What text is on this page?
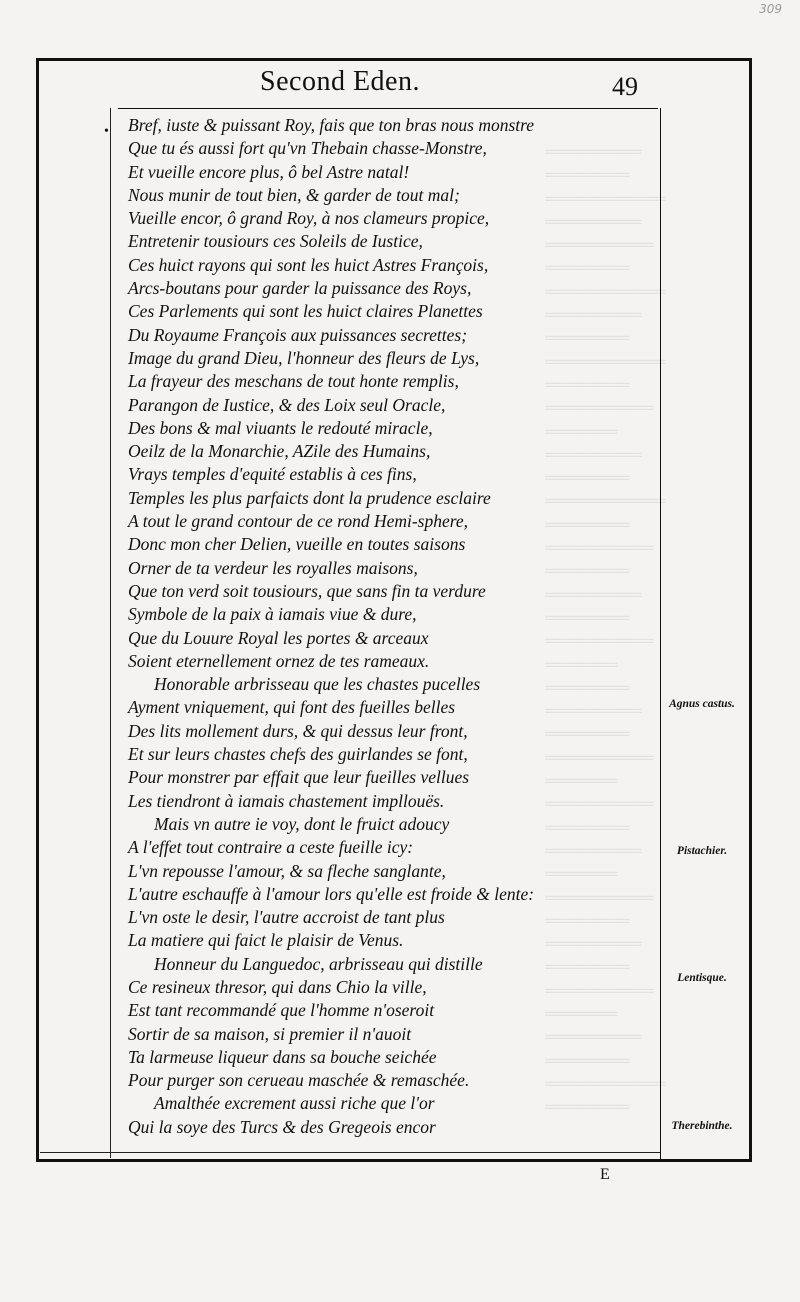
309
════════
═══════
══════════
════════
═════════
═══════
══════════
════════
═══════
══════════
═══════
═════════
══════
════════
═══════
══════════
═══════
═════════
═══════
════════
═══════
═════════
══════
═══════
════════
═══════
═════════
══════
═════════
═══════
════════
══════
═════════
═══════
════════
═══════
═════════
══════
════════
═══════
══════════
═══════
Second Eden.	49
• Bref, iuste & puissant Roy, fais que ton bras nous monstre
Que tu és aussi fort qu'vn Thebain chasse-Monstre,
Et vueille encore plus, ô bel Astre natal!
Nous munir de tout bien, & garder de tout mal;
Vueille encor, ô grand Roy, à nos clameurs propice,
Entretenir tousiours ces Soleils de Iustice,
Ces huict rayons qui sont les huict Astres François,
Arcs-boutans pour garder la puissance des Roys,
Ces Parlements qui sont les huict claires Planettes
Du Royaume François aux puissances secrettes;
Image du grand Dieu, l'honneur des fleurs de Lys,
La frayeur des meschans de tout honte remplis,
Parangon de Iustice, & des Loix seul Oracle,
Des bons & mal viuants le redouté miracle,
Oeilz de la Monarchie, AZile des Humains,
Vrays temples d'equité establis à ces fins,
Temples les plus parfaicts dont la prudence esclaire
A tout le grand contour de ce rond Hemi-sphere,
Donc mon cher Delien, vueille en toutes saisons
Orner de ta verdeur les royalles maisons,
Que ton verd soit tousiours, que sans fin ta verdure
Symbole de la paix à iamais viue & dure,
Que du Louure Royal les portes & arceaux
Soient eternellement ornez de tes rameaux.
Honorable arbrisseau que les chastes pucelles
Ayment vniquement, qui font des fueilles belles
Des lits mollement durs, & qui dessus leur front,
Et sur leurs chastes chefs des guirlandes se font,
Pour monstrer par effait que leur fueilles vellues
Les tiendront à iamais chastement impllouës.
Mais vn autre ie voy, dont le fruict adoucy
A l'effet tout contraire a ceste fueille icy:
L'vn repousse l'amour, & sa fleche sanglante,
L'autre eschauffe à l'amour lors qu'elle est froide & lente:
L'vn oste le desir, l'autre accroist de tant plus
La matiere qui faict le plaisir de Venus.
Honneur du Languedoc, arbrisseau qui distille
Ce resineux thresor, qui dans Chio la ville,
Est tant recommandé que l'homme n'oseroit
Sortir de sa maison, si premier il n'auoit
Ta larmeuse liqueur dans sa bouche seichée
Pour purger son cerueau maschée & remaschée.
Amalthée excrement aussi riche que l'or
Qui la soye des Turcs & des Gregeois encor
Agnus castus.
Pistachier.
Lentisque.
Therebinthe.
E
